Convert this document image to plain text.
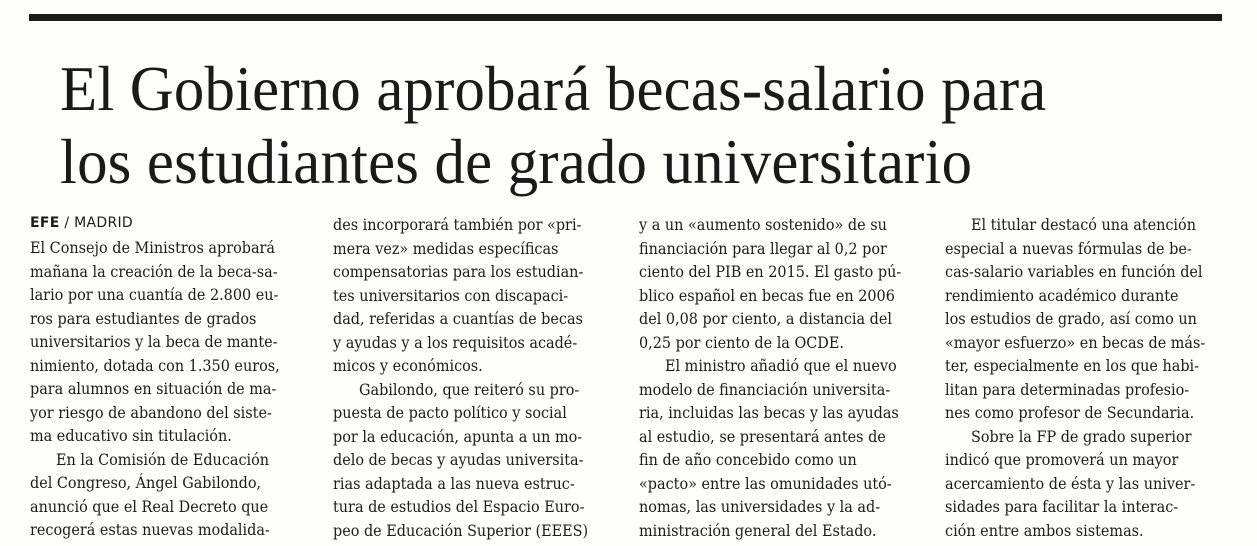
El Gobierno aprobará becas-salario para
los estudiantes de grado universitario
EFE / MADRID
El Consejo de Ministros aprobará
mañana la creación de la beca-sa-
lario por una cuantía de 2.800 eu-
ros para estudiantes de grados
universitarios y la beca de mante-
nimiento, dotada con 1.350 euros,
para alumnos en situación de ma-
yor riesgo de abandono del siste-
ma educativo sin titulación.
En la Comisión de Educación
del Congreso, Ángel Gabilondo,
anunció que el Real Decreto que
recogerá estas nuevas modalida-
des incorporará también por «pri-
mera vez» medidas específicas
compensatorias para los estudian-
tes universitarios con discapaci-
dad, referidas a cuantías de becas
y ayudas y a los requisitos acadé-
micos y económicos.
Gabilondo, que reiteró su pro-
puesta de pacto político y social
por la educación, apunta a un mo-
delo de becas y ayudas universita-
rias adaptada a las nueva estruc-
tura de estudios del Espacio Euro-
peo de Educación Superior (EEES)
y a un «aumento sostenido» de su
financiación para llegar al 0,2 por
ciento del PIB en 2015. El gasto pú-
blico español en becas fue en 2006
del 0,08 por ciento, a distancia del
0,25 por ciento de la OCDE.
El ministro añadió que el nuevo
modelo de financiación universita-
ria, incluidas las becas y las ayudas
al estudio, se presentará antes de
fin de año concebido como un
«pacto» entre las omunidades utó-
nomas, las universidades y la ad-
ministración general del Estado.
El titular destacó una atención
especial a nuevas fórmulas de be-
cas-salario variables en función del
rendimiento académico durante
los estudios de grado, así como un
«mayor esfuerzo» en becas de más-
ter, especialmente en los que habi-
litan para determinadas profesio-
nes como profesor de Secundaria.
Sobre la FP de grado superior
indicó que promoverá un mayor
acercamiento de ésta y las univer-
sidades para facilitar la interac-
ción entre ambos sistemas.
